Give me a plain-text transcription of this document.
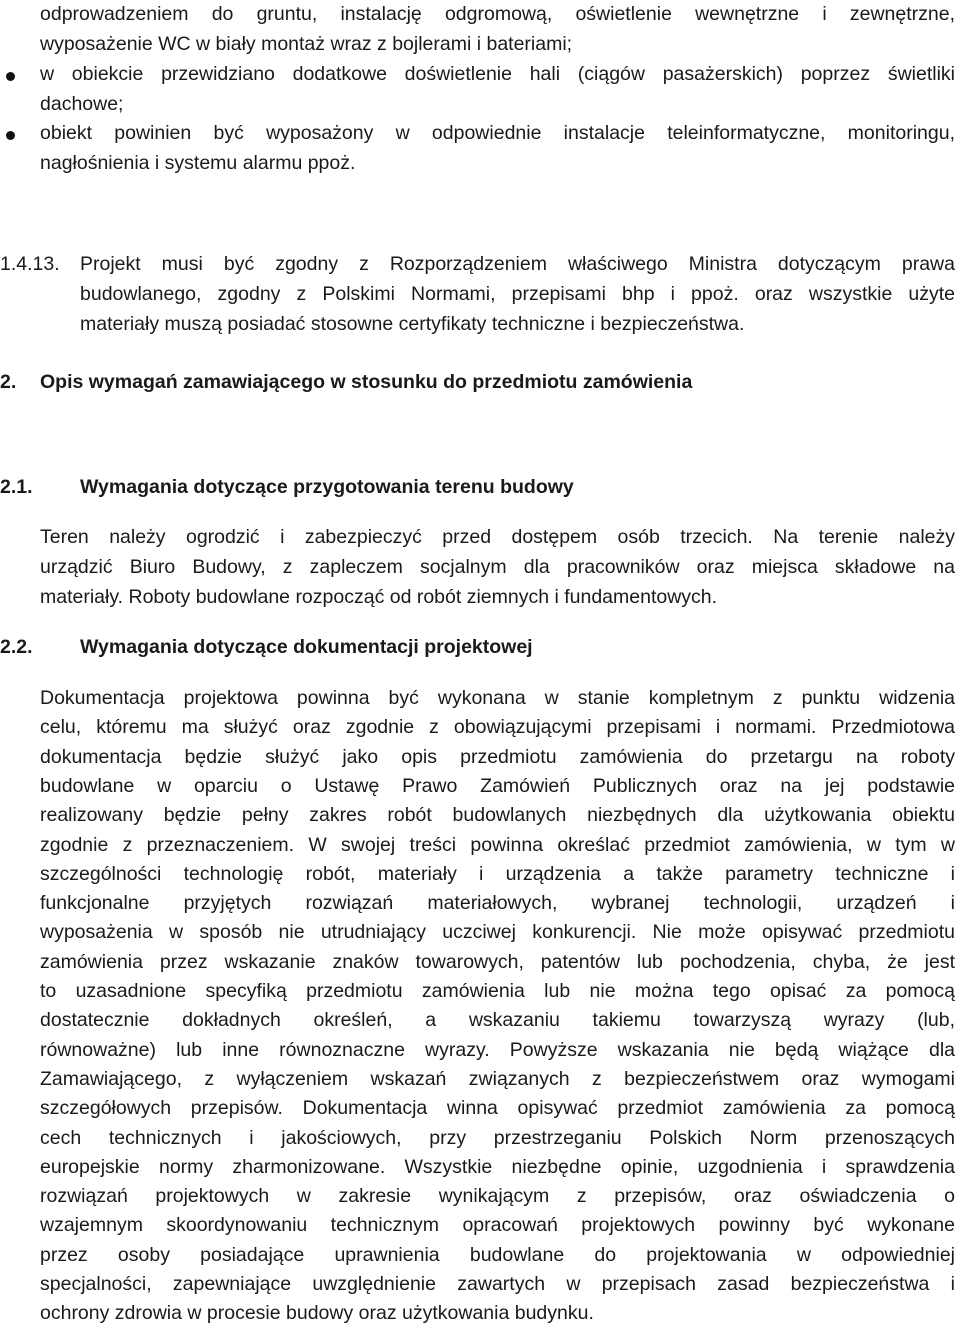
odprowadzeniem do gruntu, instalację odgromową, oświetlenie wewnętrzne i zewnętrzne,
wyposażenie WC w biały montaż wraz z bojlerami i bateriami;
w obiekcie przewidziano dodatkowe doświetlenie hali (ciągów pasażerskich) poprzez świetliki
dachowe;
obiekt powinien być wyposażony w odpowiednie instalacje teleinformatyczne, monitoringu,
nagłośnienia i systemu alarmu ppoż.
1.4.13. Projekt musi być zgodny z Rozporządzeniem właściwego Ministra dotyczącym prawa
budowlanego, zgodny z Polskimi Normami, przepisami bhp i ppoż. oraz wszystkie użyte
materiały muszą posiadać stosowne certyfikaty techniczne i bezpieczeństwa.
2. Opis wymagań zamawiającego w stosunku do przedmiotu zamówienia
2.1. Wymagania dotyczące przygotowania terenu budowy
Teren należy ogrodzić i zabezpieczyć przed dostępem osób trzecich. Na terenie należy
urządzić Biuro Budowy, z zapleczem socjalnym dla pracowników oraz miejsca składowe na
materiały. Roboty budowlane rozpocząć od robót ziemnych i fundamentowych.
2.2. Wymagania dotyczące dokumentacji projektowej
Dokumentacja projektowa powinna być wykonana w stanie kompletnym z punktu widzenia
celu, któremu ma służyć oraz zgodnie z obowiązującymi przepisami i normami. Przedmiotowa
dokumentacja będzie służyć jako opis przedmiotu zamówienia do przetargu na roboty
budowlane w oparciu o Ustawę Prawo Zamówień Publicznych oraz na jej podstawie
realizowany będzie pełny zakres robót budowlanych niezbędnych dla użytkowania obiektu
zgodnie z przeznaczeniem. W swojej treści powinna określać przedmiot zamówienia, w tym w
szczególności technologię robót, materiały i urządzenia a także parametry techniczne i
funkcjonalne przyjętych rozwiązań materiałowych, wybranej technologii, urządzeń i
wyposażenia w sposób nie utrudniający uczciwej konkurencji. Nie może opisywać przedmiotu
zamówienia przez wskazanie znaków towarowych, patentów lub pochodzenia, chyba, że jest
to uzasadnione specyfiką przedmiotu zamówienia lub nie można tego opisać za pomocą
dostatecznie dokładnych określeń, a wskazaniu takiemu towarzyszą wyrazy (lub,
równoważne) lub inne równoznaczne wyrazy. Powyższe wskazania nie będą wiążące dla
Zamawiającego, z wyłączeniem wskazań związanych z bezpieczeństwem oraz wymogami
szczegółowych przepisów. Dokumentacja winna opisywać przedmiot zamówienia za pomocą
cech technicznych i jakościowych, przy przestrzeganiu Polskich Norm przenoszących
europejskie normy zharmonizowane. Wszystkie niezbędne opinie, uzgodnienia i sprawdzenia
rozwiązań projektowych w zakresie wynikającym z przepisów, oraz oświadczenia o
wzajemnym skoordynowaniu technicznym opracowań projektowych powinny być wykonane
przez osoby posiadające uprawnienia budowlane do projektowania w odpowiedniej
specjalności, zapewniające uwzględnienie zawartych w przepisach zasad bezpieczeństwa i
ochrony zdrowia w procesie budowy oraz użytkowania budynku.
